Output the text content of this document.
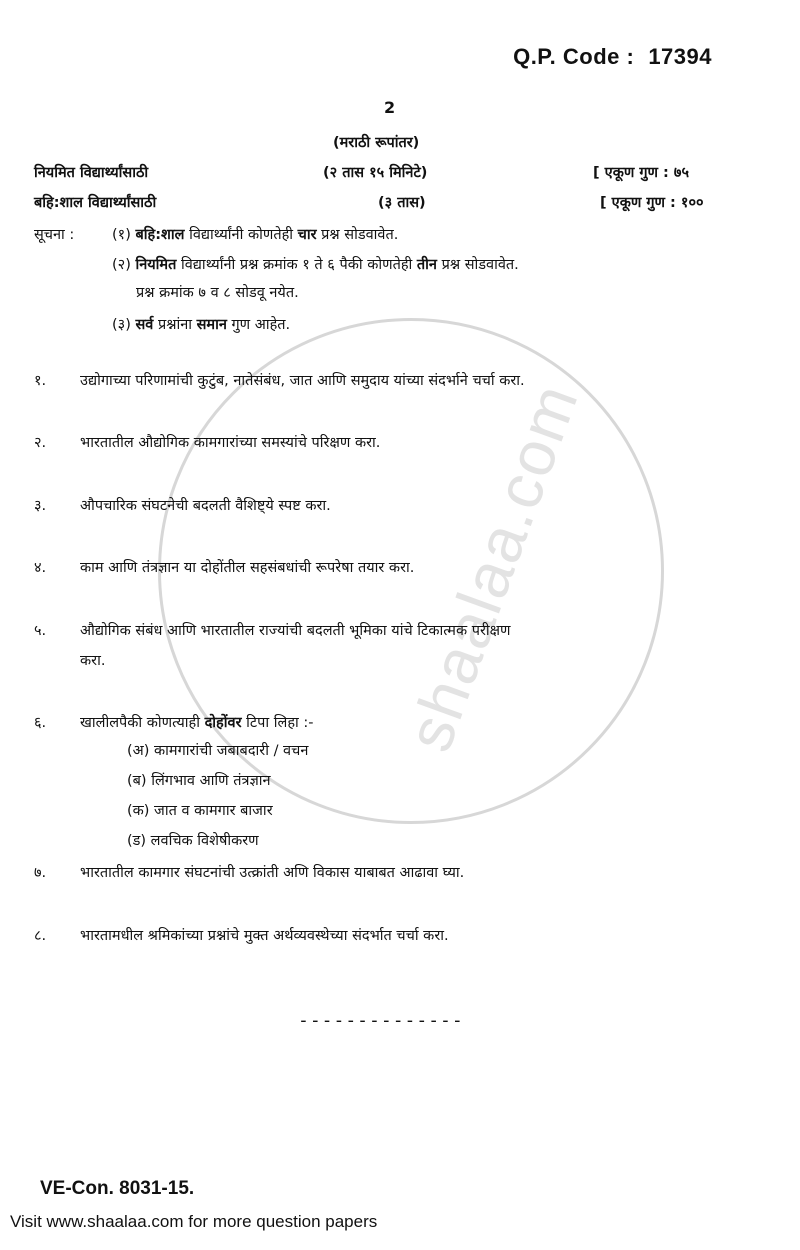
shaalaa.com
Q.P. Code : 17394
2
(मराठी रूपांतर)
नियमित विद्यार्थ्यांसाठी	(२ तास १५ मिनिटे)	[ एकूण गुण : ७५
बहि:शाल विद्यार्थ्यांसाठी	(३ तास)	[ एकूण गुण : १००
सूचना :	(१) बहि:शाल विद्यार्थ्यांनी कोणतेही चार प्रश्न सोडवावेत.
(२) नियमित विद्यार्थ्यांनी प्रश्न क्रमांक १ ते ६ पैकी कोणतेही तीन प्रश्न सोडवावेत.
प्रश्न क्रमांक ७ व ८ सोडवू नयेत.
(३) सर्व प्रश्नांना समान गुण आहेत.
१. उद्योगाच्या परिणामांची कुटुंब, नातेसंबंध, जात आणि समुदाय यांच्या संदर्भाने चर्चा करा.
२. भारतातील औद्योगिक कामगारांच्या समस्यांचे परिक्षण करा.
३. औपचारिक संघटनेची बदलती वैशिष्ट्ये स्पष्ट करा.
४. काम आणि तंत्रज्ञान या दोहोंतील सहसंबधांची रूपरेषा तयार करा.
५. औद्योगिक संबंध आणि भारतातील राज्यांची बदलती भूमिका यांचे टिकात्मक परीक्षण
करा.
६. खालीलपैकी कोणत्याही दोहोंवर टिपा लिहा :-
(अ) कामगारांची जबाबदारी / वचन
(ब) लिंगभाव आणि तंत्रज्ञान
(क) जात व कामगार बाजार
(ड) लवचिक विशेषीकरण
७. भारतातील कामगार संघटनांची उत्क्रांती अणि विकास याबाबत आढावा घ्या.
८. भारतामधील श्रमिकांच्या प्रश्नांचे मुक्त अर्थव्यवस्थेच्या संदर्भात चर्चा करा.
--------------
VE-Con. 8031-15.
Visit www.shaalaa.com for more question papers
